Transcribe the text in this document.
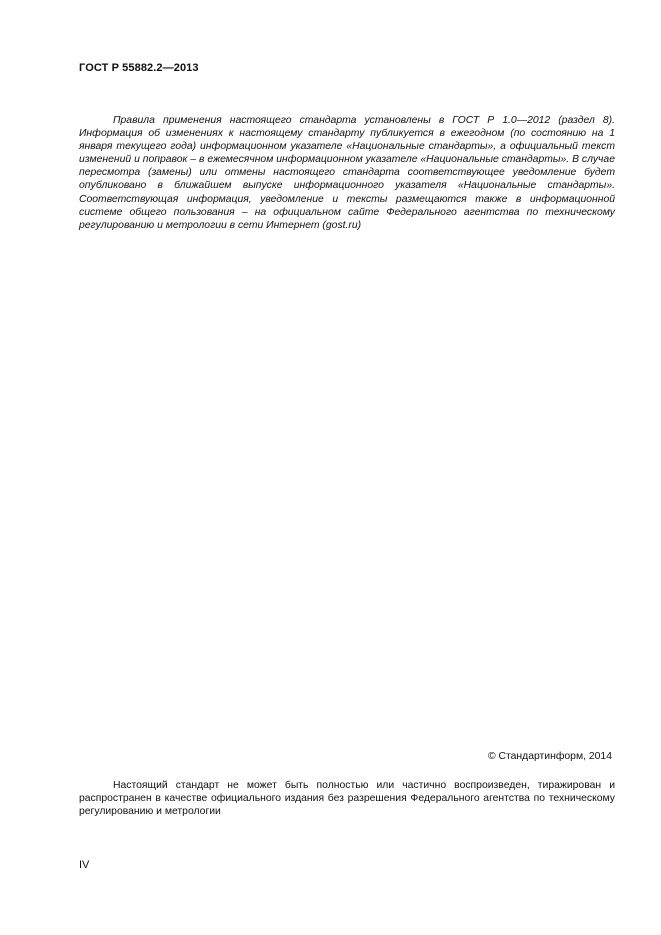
ГОСТ Р 55882.2—2013

Правила применения настоящего стандарта установлены в ГОСТ Р 1.0—2012 (раздел 8). Информация об изменениях к настоящему стандарту публикуется в ежегодном (по состоянию на 1 января текущего года) информационном указателе «Национальные стандарты», а официальный текст изменений и поправок – в ежемесячном информационном указателе «Национальные стандарты». В случае пересмотра (замены) или отмены настоящего стандарта соответствующее уведомление будет опубликовано в ближайшем выпуске информационного указателя «Национальные стандарты». Соответствующая информация, уведомление и тексты размещаются также в информационной системе общего пользования – на официальном сайте Федерального агентства по техническому регулированию и метрологии в сети Интернет (gost.ru)

© Стандартинформ, 2014

Настоящий стандарт не может быть полностью или частично воспроизведен, тиражирован и распространен в качестве официального издания без разрешения Федерального агентства по техническому регулированию и метрологии

IV
